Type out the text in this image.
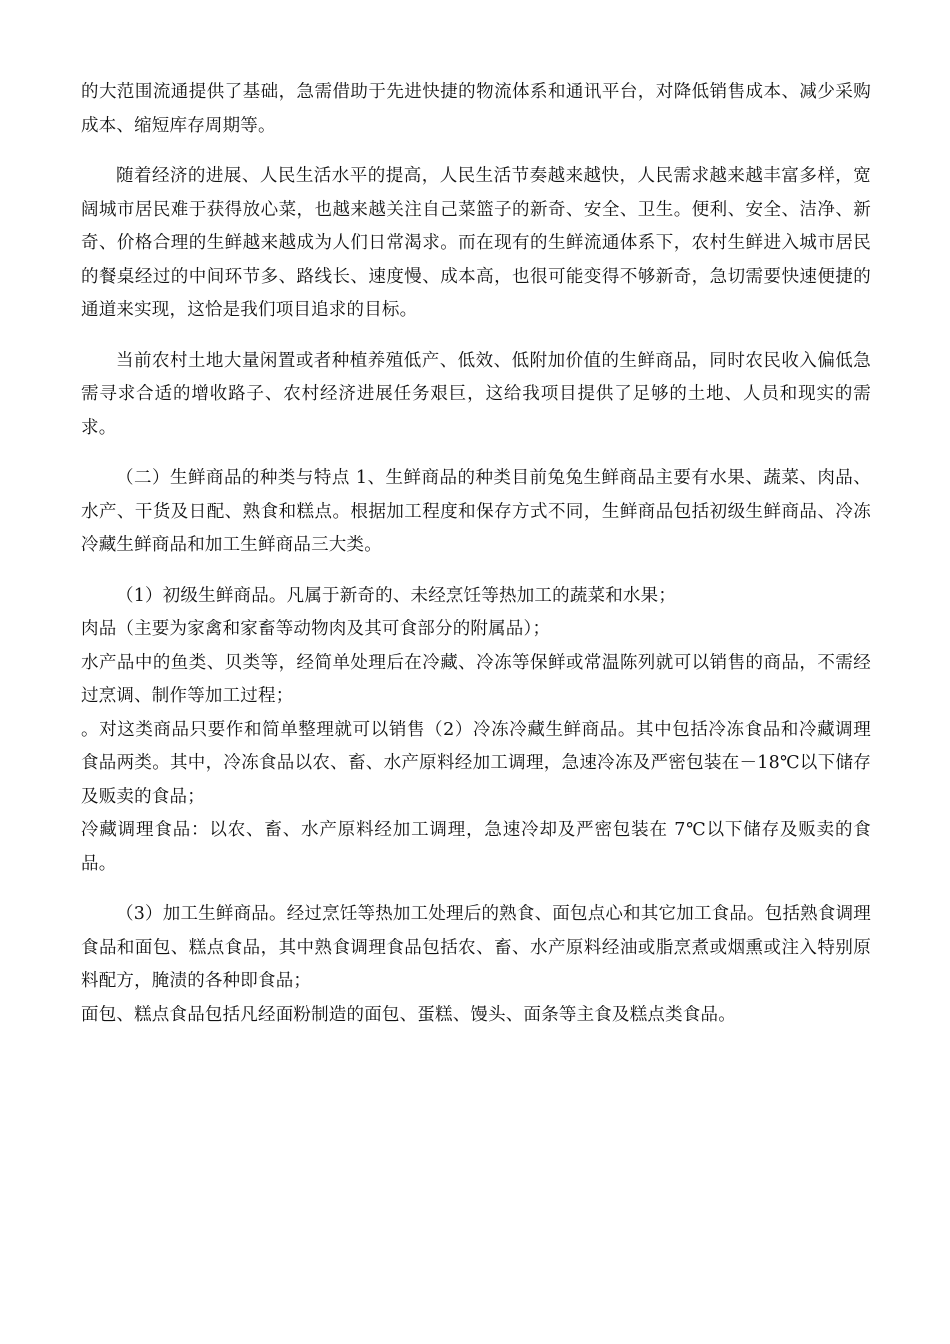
的大范围流通提供了基础，急需借助于先进快捷的物流体系和通讯平台，对降低销售成本、减少采购成本、缩短库存周期等。

随着经济的进展、人民生活水平的提高，人民生活节奏越来越快，人民需求越来越丰富多样，宽阔城市居民难于获得放心菜，也越来越关注自己菜篮子的新奇、安全、卫生。便利、安全、洁净、新奇、价格合理的生鲜越来越成为人们日常渴求。而在现有的生鲜流通体系下，农村生鲜进入城市居民的餐桌经过的中间环节多、路线长、速度慢、成本高，也很可能变得不够新奇，急切需要快速便捷的通道来实现，这恰是我们项目追求的目标。

当前农村土地大量闲置或者种植养殖低产、低效、低附加价值的生鲜商品，同时农民收入偏低急需寻求合适的增收路子、农村经济进展任务艰巨，这给我项目提供了足够的土地、人员和现实的需求。

（二）生鲜商品的种类与特点 1、生鲜商品的种类目前兔兔生鲜商品主要有水果、蔬菜、肉品、水产、干货及日配、熟食和糕点。根据加工程度和保存方式不同，生鲜商品包括初级生鲜商品、冷冻冷藏生鲜商品和加工生鲜商品三大类。

（1）初级生鲜商品。凡属于新奇的、未经烹饪等热加工的蔬菜和水果；

肉品（主要为家禽和家畜等动物肉及其可食部分的附属品）；

水产品中的鱼类、贝类等，经简单处理后在冷藏、冷冻等保鲜或常温陈列就可以销售的商品，不需经过烹调、制作等加工过程；

。对这类商品只要作和简单整理就可以销售（2）冷冻冷藏生鲜商品。其中包括冷冻食品和冷藏调理食品两类。其中，冷冻食品以农、畜、水产原料经加工调理，急速冷冻及严密包装在－18℃以下储存及贩卖的食品；

冷藏调理食品：以农、畜、水产原料经加工调理，急速冷却及严密包装在 7℃以下储存及贩卖的食品。

（3）加工生鲜商品。经过烹饪等热加工处理后的熟食、面包点心和其它加工食品。包括熟食调理食品和面包、糕点食品，其中熟食调理食品包括农、畜、水产原料经油或脂烹煮或烟熏或注入特别原料配方，腌渍的各种即食品；

面包、糕点食品包括凡经面粉制造的面包、蛋糕、馒头、面条等主食及糕点类食品。
